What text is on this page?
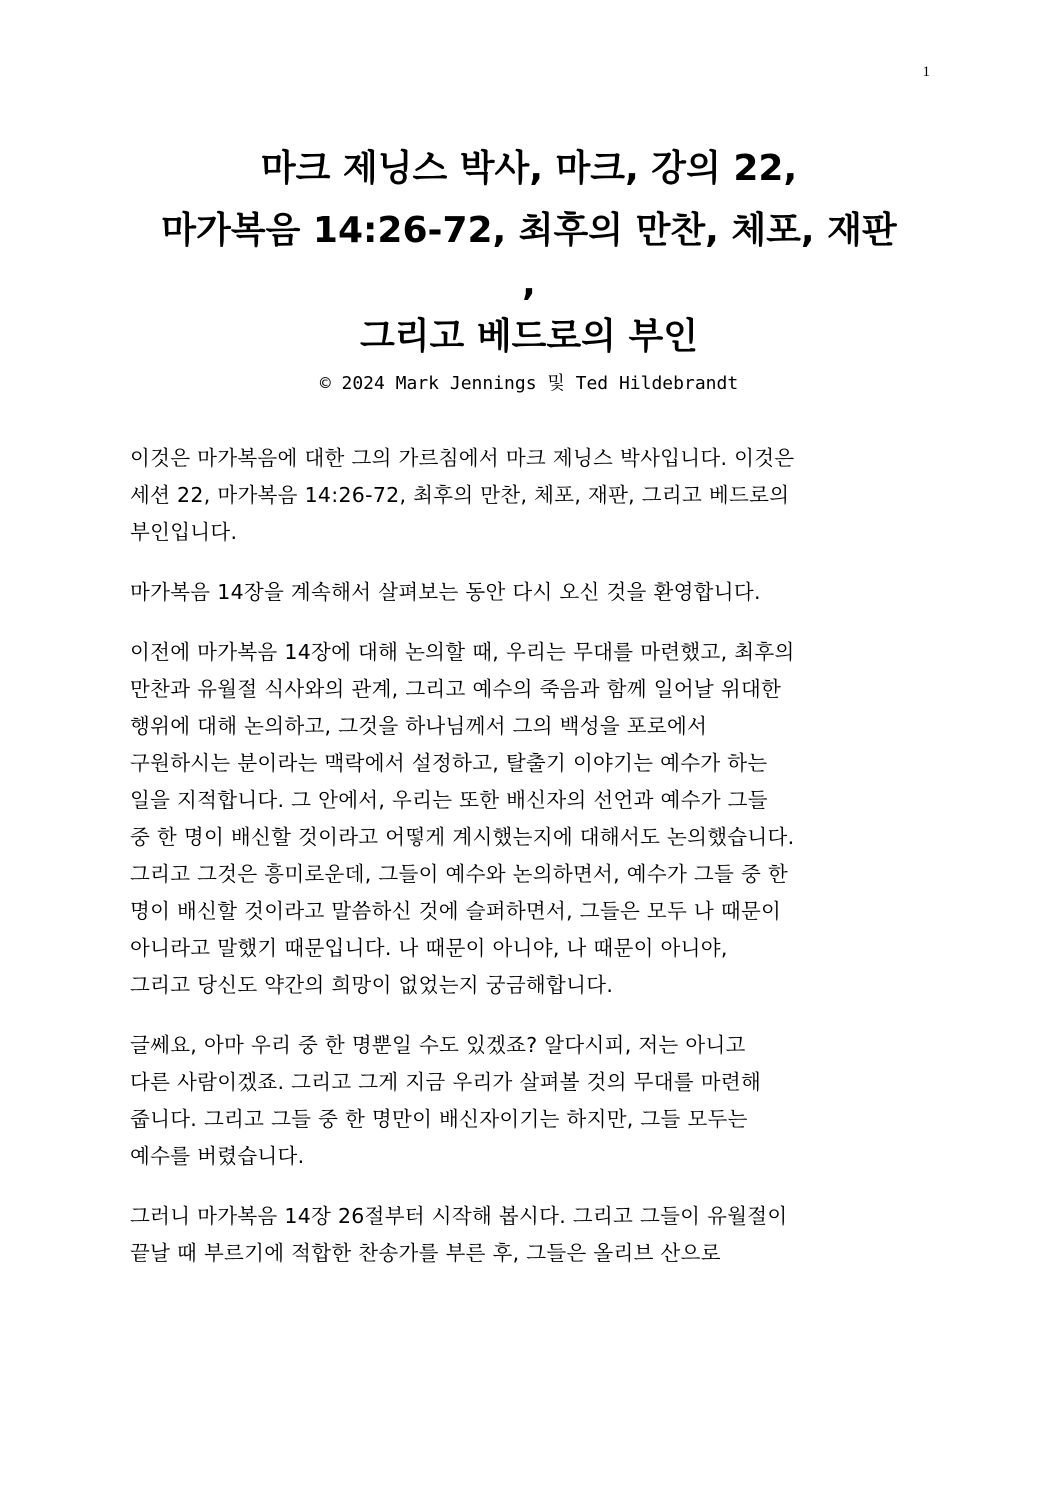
1
마크 제닝스 박사, 마크, 강의 22,
마가복음 14:26-72, 최후의 만찬, 체포, 재판
,
그리고 베드로의 부인
© 2024 Mark Jennings 및 Ted Hildebrandt
이것은 마가복음에 대한 그의 가르침에서 마크 제닝스 박사입니다. 이것은
세션 22, 마가복음 14:26-72, 최후의 만찬, 체포, 재판, 그리고 베드로의
부인입니다.
마가복음 14장을 계속해서 살펴보는 동안 다시 오신 것을 환영합니다.
이전에 마가복음 14장에 대해 논의할 때, 우리는 무대를 마련했고, 최후의
만찬과 유월절 식사와의 관계, 그리고 예수의 죽음과 함께 일어날 위대한
행위에 대해 논의하고, 그것을 하나님께서 그의 백성을 포로에서
구원하시는 분이라는 맥락에서 설정하고, 탈출기 이야기는 예수가 하는
일을 지적합니다. 그 안에서, 우리는 또한 배신자의 선언과 예수가 그들
중 한 명이 배신할 것이라고 어떻게 계시했는지에 대해서도 논의했습니다.
그리고 그것은 흥미로운데, 그들이 예수와 논의하면서, 예수가 그들 중 한
명이 배신할 것이라고 말씀하신 것에 슬퍼하면서, 그들은 모두 나 때문이
아니라고 말했기 때문입니다. 나 때문이 아니야, 나 때문이 아니야,
그리고 당신도 약간의 희망이 없었는지 궁금해합니다.
글쎄요, 아마 우리 중 한 명뿐일 수도 있겠죠? 알다시피, 저는 아니고
다른 사람이겠죠. 그리고 그게 지금 우리가 살펴볼 것의 무대를 마련해
줍니다. 그리고 그들 중 한 명만이 배신자이기는 하지만, 그들 모두는
예수를 버렸습니다.
그러니 마가복음 14장 26절부터 시작해 봅시다. 그리고 그들이 유월절이
끝날 때 부르기에 적합한 찬송가를 부른 후, 그들은 올리브 산으로
